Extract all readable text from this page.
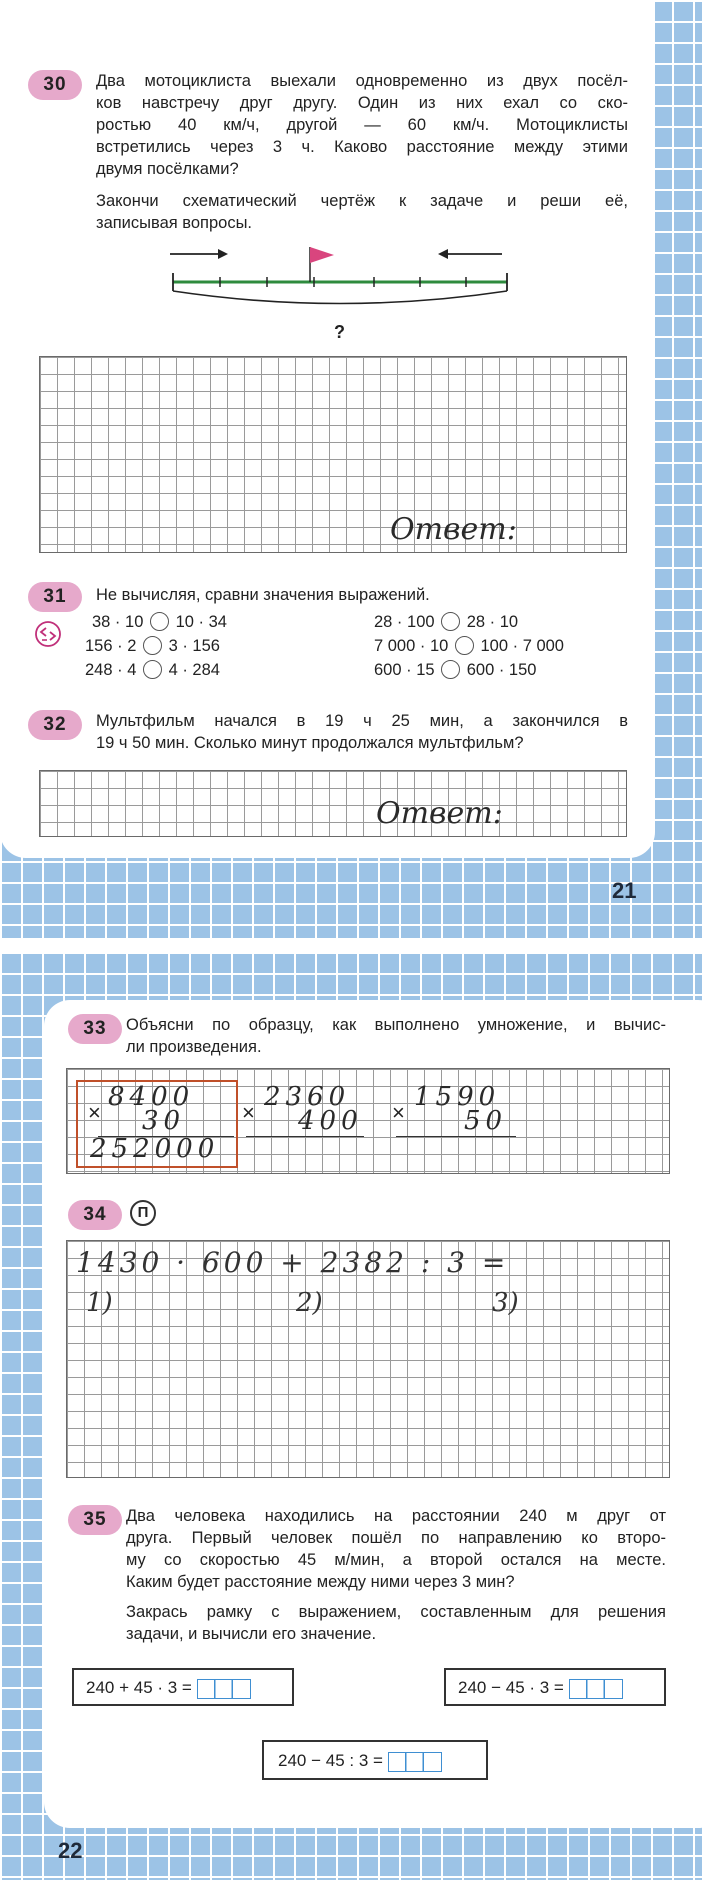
30	Два мотоциклиста выехали одновременно из двух посёл-
ков навстречу друг другу. Один из них ехал со ско-
ростью 40 км/ч, другой — 60 км/ч. Мотоциклисты
встретились через 3 ч. Каково расстояние между этими
двумя посёлками?
Закончи схематический чертёж к задаче и реши её,
записывая вопросы.
?
Ответ:
31	Не вычисляя, сравни значения выражений.
38 · 10 10 · 34
156 · 2 3 · 156
248 · 4 4 · 284
28 · 100 28 · 10
7 000 · 10 100 · 7 000
600 · 15 600 · 150
32	Мультфильм начался в 19 ч 25 мин, а закончился в
19 ч 50 мин. Сколько минут продолжался мультфильм?
Ответ:
21
33	Объясни по образцу, как выполнено умножение, и вычис-
ли произведения.
×
8400
30
252000
×
2360
400 ×
1590
50
34	П
1430 · 600 + 2382 : 3 =
1)	2)	3)
35	Два человека находились на расстоянии 240 м друг от
друга. Первый человек пошёл по направлению ко второ-
му со скоростью 45 м/мин, а второй остался на месте.
Каким будет расстояние между ними через 3 мин?
Закрась рамку с выражением, составленным для решения
задачи, и вычисли его значение.
240 + 45 · 3 =	240 − 45 · 3 =
240 − 45 : 3 =
22
